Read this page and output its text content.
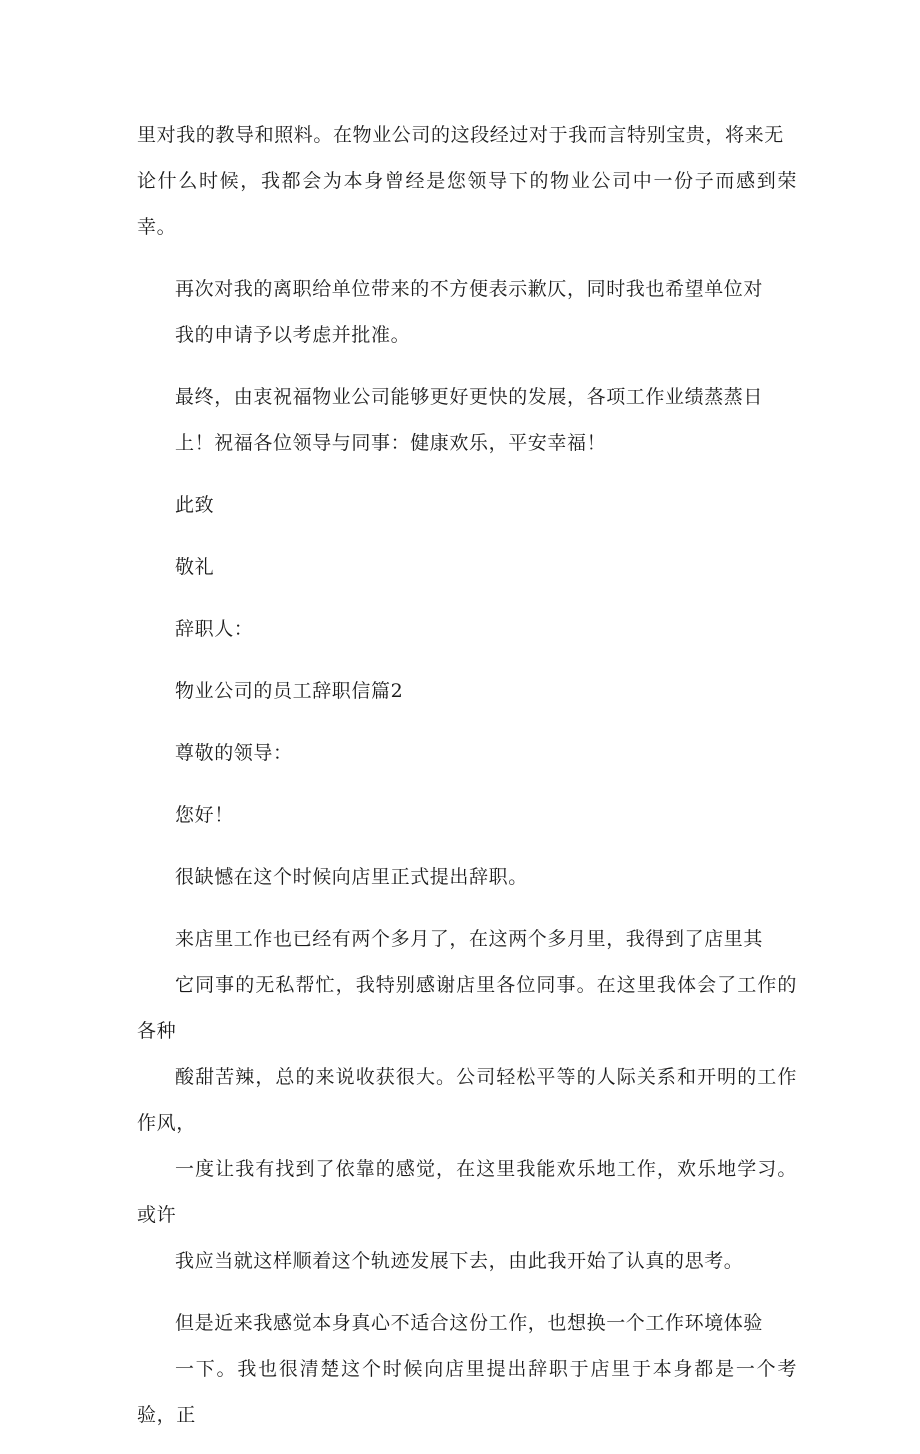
里对我的教导和照料。在物业公司的这段经过对于我而言特别宝贵，将来无
论什么时候，我都会为本身曾经是您领导下的物业公司中一份子而感到荣幸。

再次对我的离职给单位带来的不方便表示歉仄，同时我也希望单位对
我的申请予以考虑并批准。

最终，由衷祝福物业公司能够更好更快的发展，各项工作业绩蒸蒸日
上！祝福各位领导与同事：健康欢乐，平安幸福！

此致

敬礼

辞职人：

物业公司的员工辞职信篇2

尊敬的领导：

您好！

很缺憾在这个时候向店里正式提出辞职。

来店里工作也已经有两个多月了，在这两个多月里，我得到了店里其
它同事的无私帮忙，我特别感谢店里各位同事。在这里我体会了工作的各种
酸甜苦辣，总的来说收获很大。公司轻松平等的人际关系和开明的工作作风，
一度让我有找到了依靠的感觉，在这里我能欢乐地工作，欢乐地学习。或许
我应当就这样顺着这个轨迹发展下去，由此我开始了认真的思考。

但是近来我感觉本身真心不适合这份工作，也想换一个工作环境体验
一下。我也很清楚这个时候向店里提出辞职于店里于本身都是一个考验，正
